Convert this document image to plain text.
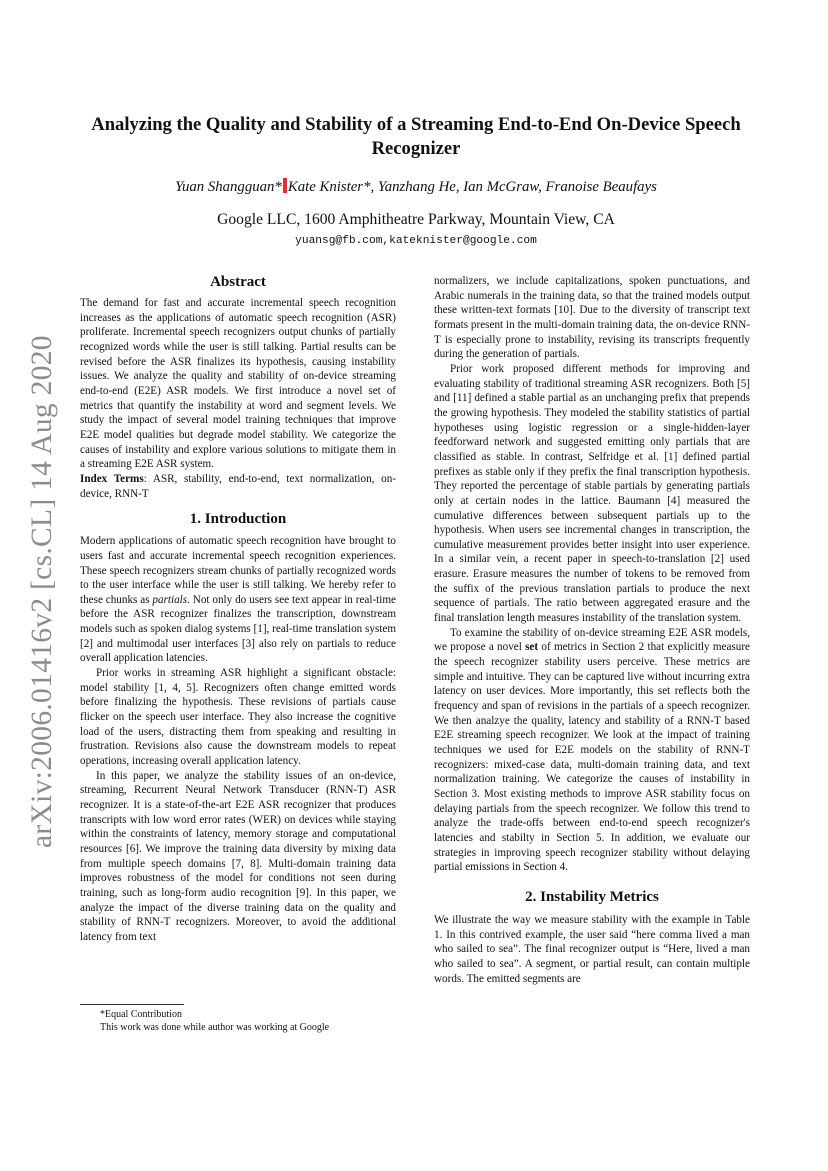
arXiv:2006.01416v2 [cs.CL] 14 Aug 2020
Analyzing the Quality and Stability of a Streaming End-to-End On-Device Speech Recognizer
Yuan Shangguan* Kate Knister*, Yanzhang He, Ian McGraw, Franoise Beaufays
Google LLC, 1600 Amphitheatre Parkway, Mountain View, CA
yuansg@fb.com,kateknister@google.com
Abstract

The demand for fast and accurate incremental speech recognition increases as the applications of automatic speech recognition (ASR) proliferate. Incremental speech recognizers output chunks of partially recognized words while the user is still talking. Partial results can be revised before the ASR finalizes its hypothesis, causing instability issues. We analyze the quality and stability of on-device streaming end-to-end (E2E) ASR models. We first introduce a novel set of metrics that quantify the instability at word and segment levels. We study the impact of several model training techniques that improve E2E model qualities but degrade model stability. We categorize the causes of instability and explore various solutions to mitigate them in a streaming E2E ASR system.

Index Terms: ASR, stability, end-to-end, text normalization, on-device, RNN-T

1. Introduction

Modern applications of automatic speech recognition have brought to users fast and accurate incremental speech recognition experiences. These speech recognizers stream chunks of partially recognized words to the user interface while the user is still talking. We hereby refer to these chunks as partials. Not only do users see text appear in real-time before the ASR recognizer finalizes the transcription, downstream models such as spoken dialog systems [1], real-time translation system [2] and multimodal user interfaces [3] also rely on partials to reduce overall application latencies.

Prior works in streaming ASR highlight a significant obstacle: model stability [1, 4, 5]. Recognizers often change emitted words before finalizing the hypothesis. These revisions of partials cause flicker on the speech user interface. They also increase the cognitive load of the users, distracting them from speaking and resulting in frustration. Revisions also cause the downstream models to repeat operations, increasing overall application latency.

In this paper, we analyze the stability issues of an on-device, streaming, Recurrent Neural Network Transducer (RNN-T) ASR recognizer. It is a state-of-the-art E2E ASR recognizer that produces transcripts with low word error rates (WER) on devices while staying within the constraints of latency, memory storage and computational resources [6]. We improve the training data diversity by mixing data from multiple speech domains [7, 8]. Multi-domain training data improves robustness of the model for conditions not seen during training, such as long-form audio recognition [9]. In this paper, we analyze the impact of the diverse training data on the quality and stability of RNN-T recognizers. Moreover, to avoid the additional latency from text

*Equal Contribution
This work was done while author was working at Google

normalizers, we include capitalizations, spoken punctuations, and Arabic numerals in the training data, so that the trained models output these written-text formats [10]. Due to the diversity of transcript text formats present in the multi-domain training data, the on-device RNN-T is especially prone to instability, revising its transcripts frequently during the generation of partials.

Prior work proposed different methods for improving and evaluating stability of traditional streaming ASR recognizers. Both [5] and [11] defined a stable partial as an unchanging prefix that prepends the growing hypothesis. They modeled the stability statistics of partial hypotheses using logistic regression or a single-hidden-layer feedforward network and suggested emitting only partials that are classified as stable. In contrast, Selfridge et al. [1] defined partial prefixes as stable only if they prefix the final transcription hypothesis. They reported the percentage of stable partials by generating partials only at certain nodes in the lattice. Baumann [4] measured the cumulative differences between subsequent partials up to the hypothesis. When users see incremental changes in transcription, the cumulative measurement provides better insight into user experience. In a similar vein, a recent paper in speech-to-translation [2] used erasure. Erasure measures the number of tokens to be removed from the suffix of the previous translation partials to produce the next sequence of partials. The ratio between aggregated erasure and the final translation length measures instability of the translation system.

To examine the stability of on-device streaming E2E ASR models, we propose a novel set of metrics in Section 2 that explicitly measure the speech recognizer stability users perceive. These metrics are simple and intuitive. They can be captured live without incurring extra latency on user devices. More importantly, this set reflects both the frequency and span of revisions in the partials of a speech recognizer. We then analzye the quality, latency and stability of a RNN-T based E2E streaming speech recognizer. We look at the impact of training techniques we used for E2E models on the stability of RNN-T recognizers: mixed-case data, multi-domain training data, and text normalization training. We categorize the causes of instability in Section 3. Most existing methods to improve ASR stability focus on delaying partials from the speech recognizer. We follow this trend to analyze the trade-offs between end-to-end speech recognizer's latencies and stabilty in Section 5. In addition, we evaluate our strategies in improving speech recognizer stability without delaying partial emissions in Section 4.

2. Instability Metrics

We illustrate the way we measure stability with the example in Table 1. In this contrived example, the user said “here comma lived a man who sailed to sea”. The final recognizer output is “Here, lived a man who sailed to sea”. A segment, or partial result, can contain multiple words. The emitted segments are
